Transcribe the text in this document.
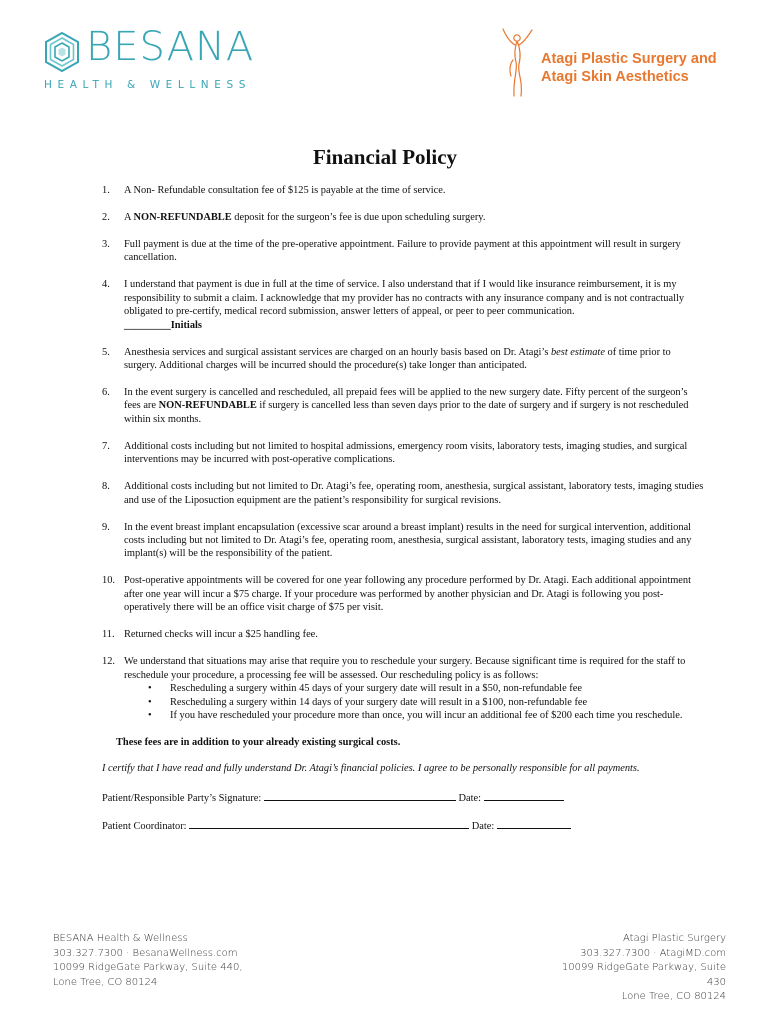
BESANA
HEALTH & WELLNESS
Atagi Plastic Surgery and
Atagi Skin Aesthetics
Financial Policy
1. A Non- Refundable consultation fee of $125 is payable at the time of service.
2. A NON-REFUNDABLE deposit for the surgeon’s fee is due upon scheduling surgery.
3. Full payment is due at the time of the pre-operative appointment. Failure to provide payment at this appointment will result in surgery cancellation.
4. I understand that payment is due in full at the time of service. I also understand that if I would like insurance reimbursement, it is my responsibility to submit a claim. I acknowledge that my provider has no contracts with any insurance company and is not contractually obligated to pre-certify, medical record submission, answer letters of appeal, or peer to peer communication.
_________Initials
5. Anesthesia services and surgical assistant services are charged on an hourly basis based on Dr. Atagi’s best estimate of time prior to surgery. Additional charges will be incurred should the procedure(s) take longer than anticipated.
6. In the event surgery is cancelled and rescheduled, all prepaid fees will be applied to the new surgery date. Fifty percent of the surgeon’s fees are NON-REFUNDABLE if surgery is cancelled less than seven days prior to the date of surgery and if surgery is not rescheduled within six months.
7. Additional costs including but not limited to hospital admissions, emergency room visits, laboratory tests, imaging studies, and surgical interventions may be incurred with post-operative complications.
8. Additional costs including but not limited to Dr. Atagi’s fee, operating room, anesthesia, surgical assistant, laboratory tests, imaging studies and use of the Liposuction equipment are the patient’s responsibility for surgical revisions.
9. In the event breast implant encapsulation (excessive scar around a breast implant) results in the need for surgical intervention, additional costs including but not limited to Dr. Atagi’s fee, operating room, anesthesia, surgical assistant, laboratory tests, imaging studies and any implant(s) will be the responsibility of the patient.
10. Post-operative appointments will be covered for one year following any procedure performed by Dr. Atagi. Each additional appointment after one year will incur a $75 charge. If your procedure was performed by another physician and Dr. Atagi is following you post-operatively there will be an office visit charge of $75 per visit.
11. Returned checks will incur a $25 handling fee.
12. We understand that situations may arise that require you to reschedule your surgery. Because significant time is required for the staff to reschedule your procedure, a processing fee will be assessed. Our rescheduling policy is as follows:
• Rescheduling a surgery within 45 days of your surgery date will result in a $50, non-refundable fee
• Rescheduling a surgery within 14 days of your surgery date will result in a $100, non-refundable fee
• If you have rescheduled your procedure more than once, you will incur an additional fee of $200 each time you reschedule.
These fees are in addition to your already existing surgical costs.
I certify that I have read and fully understand Dr. Atagi’s financial policies. I agree to be personally responsible for all payments.
Patient/Responsible Party’s Signature:	Date:
Patient Coordinator:	Date:
BESANA Health & Wellness
303.327.7300 · BesanaWellness.com
10099 RidgeGate Parkway, Suite 440,
Lone Tree, CO 80124
Atagi Plastic Surgery
303.327.7300 · AtagiMD.com
10099 RidgeGate Parkway, Suite 430
Lone Tree, CO 80124
